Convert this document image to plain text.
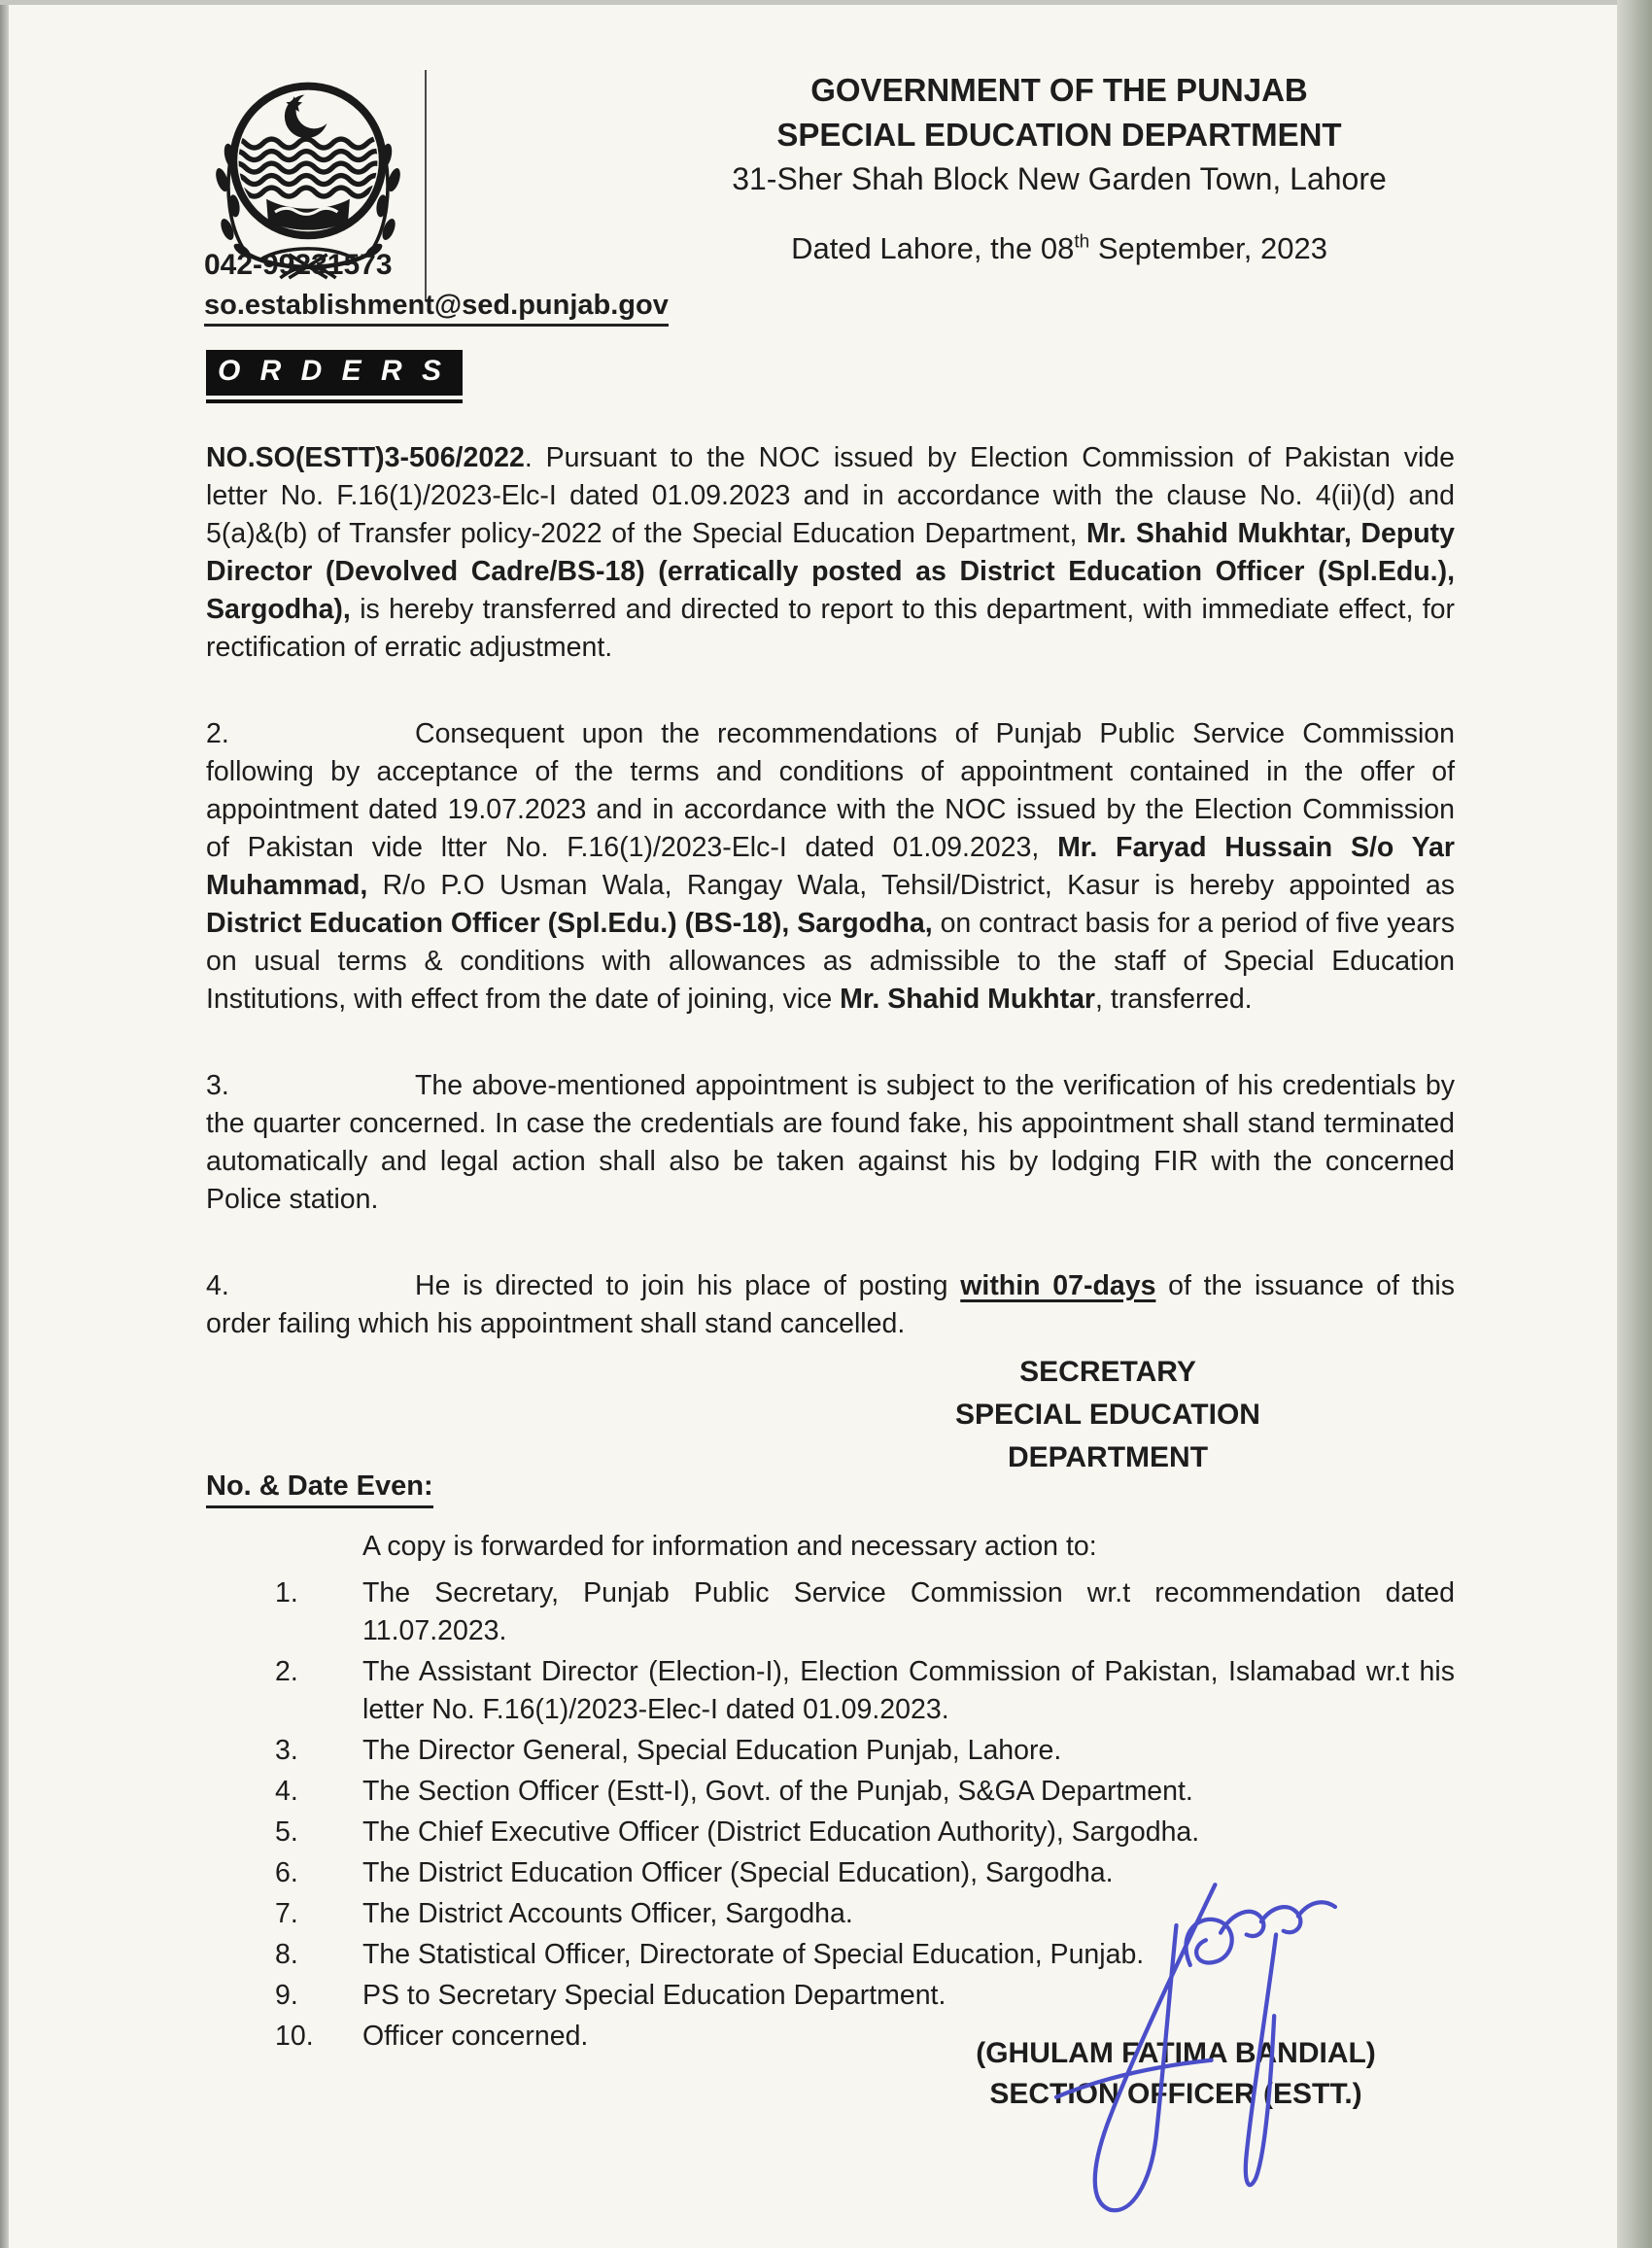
GOVERNMENT OF THE PUNJAB
SPECIAL EDUCATION DEPARTMENT
31-Sher Shah Block New Garden Town, Lahore
Dated Lahore, the 08th September, 2023
042-99231573
so.establishment@sed.punjab.gov
O R D E R S

NO.SO(ESTT)3-506/2022. Pursuant to the NOC issued by Election Commission of Pakistan vide letter No. F.16(1)/2023-Elc-I dated 01.09.2023 and in accordance with the clause No. 4(ii)(d) and 5(a)&(b) of Transfer policy-2022 of the Special Education Department, Mr. Shahid Mukhtar, Deputy Director (Devolved Cadre/BS-18) (erratically posted as District Education Officer (Spl.Edu.), Sargodha), is hereby transferred and directed to report to this department, with immediate effect, for rectification of erratic adjustment.

2.	Consequent upon the recommendations of Punjab Public Service Commission following by acceptance of the terms and conditions of appointment contained in the offer of appointment dated 19.07.2023 and in accordance with the NOC issued by the Election Commission of Pakistan vide ltter No. F.16(1)/2023-Elc-I dated 01.09.2023, Mr. Faryad Hussain S/o Yar Muhammad, R/o P.O Usman Wala, Rangay Wala, Tehsil/District, Kasur is hereby appointed as District Education Officer (Spl.Edu.) (BS-18), Sargodha, on contract basis for a period of five years on usual terms & conditions with allowances as admissible to the staff of Special Education Institutions, with effect from the date of joining, vice Mr. Shahid Mukhtar, transferred.

3.	The above-mentioned appointment is subject to the verification of his credentials by the quarter concerned. In case the credentials are found fake, his appointment shall stand terminated automatically and legal action shall also be taken against his by lodging FIR with the concerned Police station.

4.	He is directed to join his place of posting within 07-days of the issuance of this order failing which his appointment shall stand cancelled.

SECRETARY
SPECIAL EDUCATION
DEPARTMENT
No. & Date Even:
A copy is forwarded for information and necessary action to:
1.	The Secretary, Punjab Public Service Commission wr.t recommendation dated 11.07.2023.
2.	The Assistant Director (Election-I), Election Commission of Pakistan, Islamabad wr.t his letter No. F.16(1)/2023-Elec-I dated 01.09.2023.
3.	The Director General, Special Education Punjab, Lahore.
4.	The Section Officer (Estt-I), Govt. of the Punjab, S&GA Department.
5.	The Chief Executive Officer (District Education Authority), Sargodha.
6.	The District Education Officer (Special Education), Sargodha.
7.	The District Accounts Officer, Sargodha.
8.	The Statistical Officer, Directorate of Special Education, Punjab.
9.	PS to Secretary Special Education Department.
10.	Officer concerned.
(GHULAM FATIMA BANDIAL)
SECTION OFFICER (ESTT.)
